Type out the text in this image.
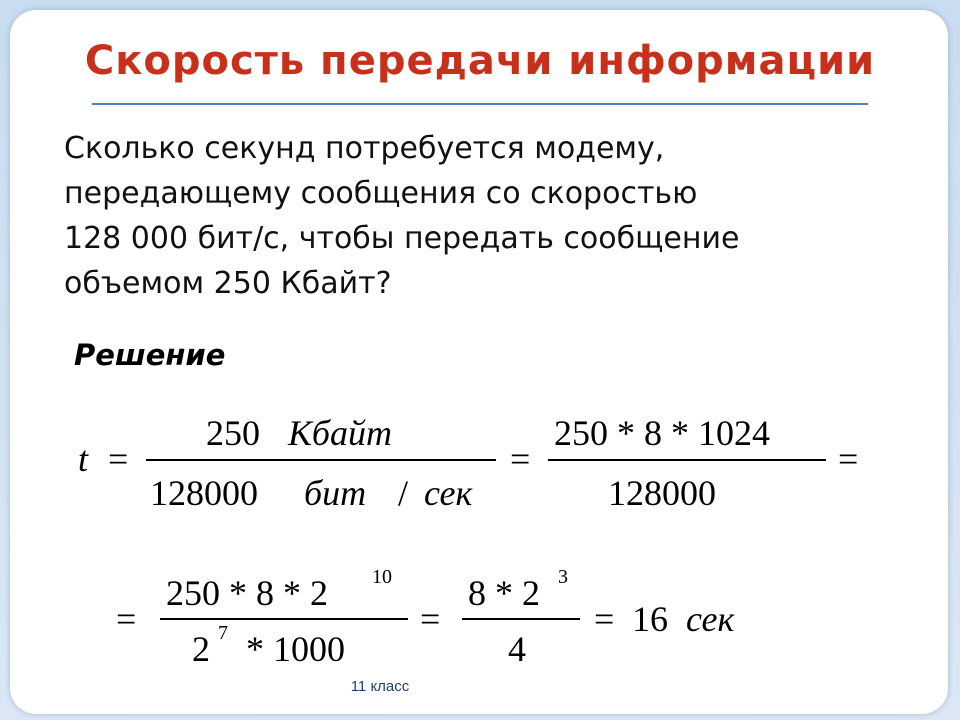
Скорость передачи информации
Сколько секунд потребуется модему,
передающему сообщения со скоростью
128 000 бит/с, чтобы передать сообщение
объемом 250 Кбайт?
Решение
t =
250 Кбайт
128000 бит / сек
=
250 * 8 * 1024
128000
=
=
250 * 8 * 2 10
2 7 * 1000
=
8 * 2 3
4
= 16 сек
11 класс
